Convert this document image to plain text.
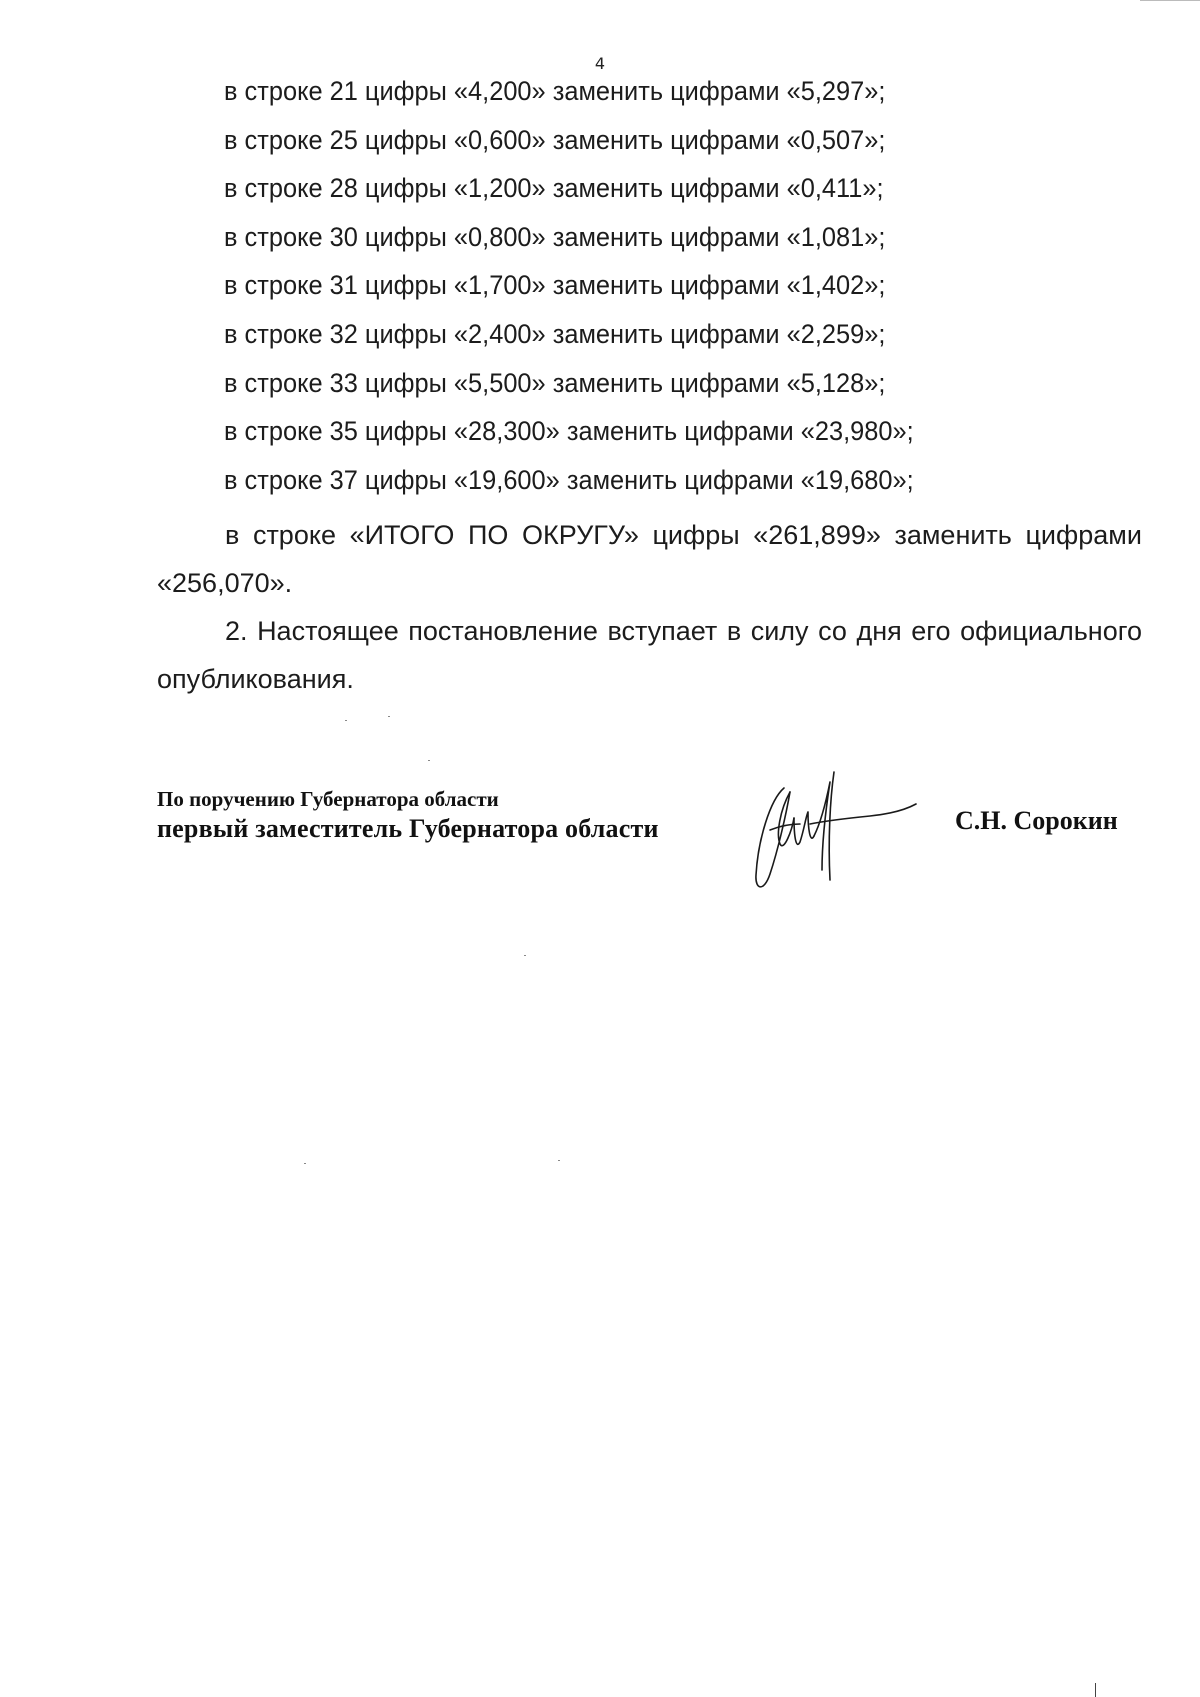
4
в строке 21 цифры «4,200» заменить цифрами «5,297»;
в строке 25 цифры «0,600» заменить цифрами «0,507»;
в строке 28 цифры «1,200» заменить цифрами «0,411»;
в строке 30 цифры «0,800» заменить цифрами «1,081»;
в строке 31 цифры «1,700» заменить цифрами «1,402»;
в строке 32 цифры «2,400» заменить цифрами «2,259»;
в строке 33 цифры «5,500» заменить цифрами «5,128»;
в строке 35 цифры «28,300» заменить цифрами «23,980»;
в строке 37 цифры «19,600» заменить цифрами «19,680»;
в строке «ИТОГО ПО ОКРУГУ» цифры «261,899» заменить цифрами
«256,070».
2. Настоящее постановление вступает в силу со дня его официального
опубликования.
По поручению Губернатора области
первый заместитель Губернатора области	С.Н. Сорокин
